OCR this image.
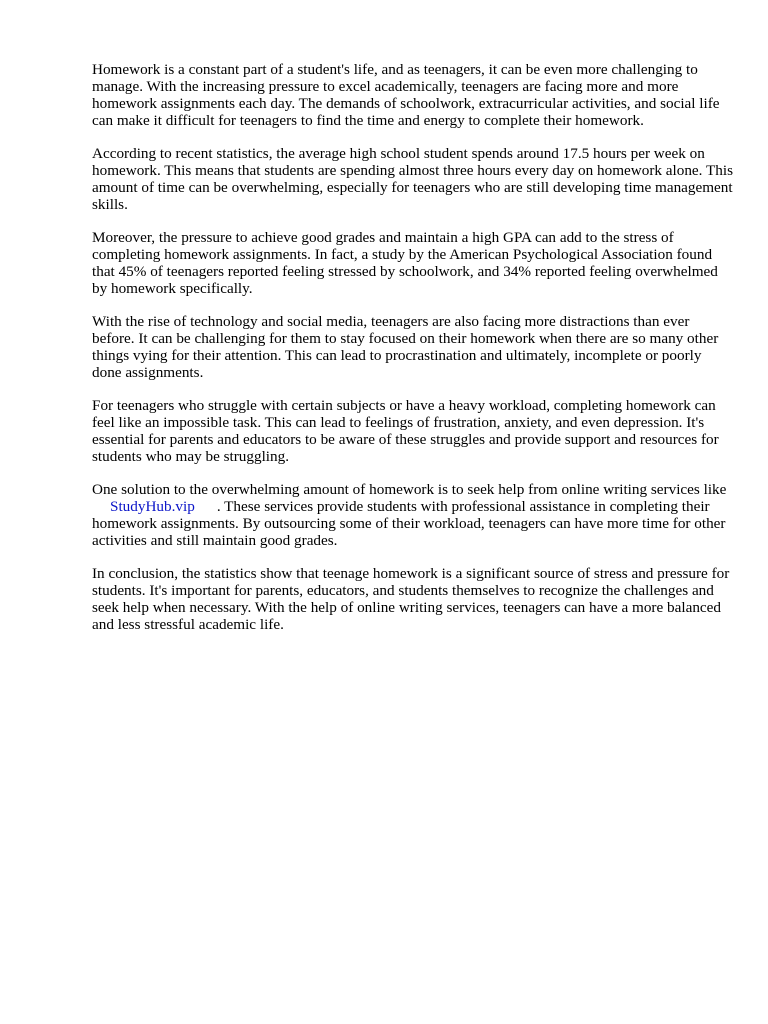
Homework is a constant part of a student's life, and as teenagers, it can be even more challenging to manage. With the increasing pressure to excel academically, teenagers are facing more and more homework assignments each day. The demands of schoolwork, extracurricular activities, and social life can make it difficult for teenagers to find the time and energy to complete their homework.

According to recent statistics, the average high school student spends around 17.5 hours per week on homework. This means that students are spending almost three hours every day on homework alone. This amount of time can be overwhelming, especially for teenagers who are still developing time management skills.

Moreover, the pressure to achieve good grades and maintain a high GPA can add to the stress of completing homework assignments. In fact, a study by the American Psychological Association found that 45% of teenagers reported feeling stressed by schoolwork, and 34% reported feeling overwhelmed by homework specifically.

With the rise of technology and social media, teenagers are also facing more distractions than ever before. It can be challenging for them to stay focused on their homework when there are so many other things vying for their attention. This can lead to procrastination and ultimately, incomplete or poorly done assignments.

For teenagers who struggle with certain subjects or have a heavy workload, completing homework can feel like an impossible task. This can lead to feelings of frustration, anxiety, and even depression. It's essential for parents and educators to be aware of these struggles and provide support and resources for students who may be struggling.

One solution to the overwhelming amount of homework is to seek help from online writing services like StudyHub.vip . These services provide students with professional assistance in completing their homework assignments. By outsourcing some of their workload, teenagers can have more time for other activities and still maintain good grades.

In conclusion, the statistics show that teenage homework is a significant source of stress and pressure for students. It's important for parents, educators, and students themselves to recognize the challenges and seek help when necessary. With the help of online writing services, teenagers can have a more balanced and less stressful academic life.
